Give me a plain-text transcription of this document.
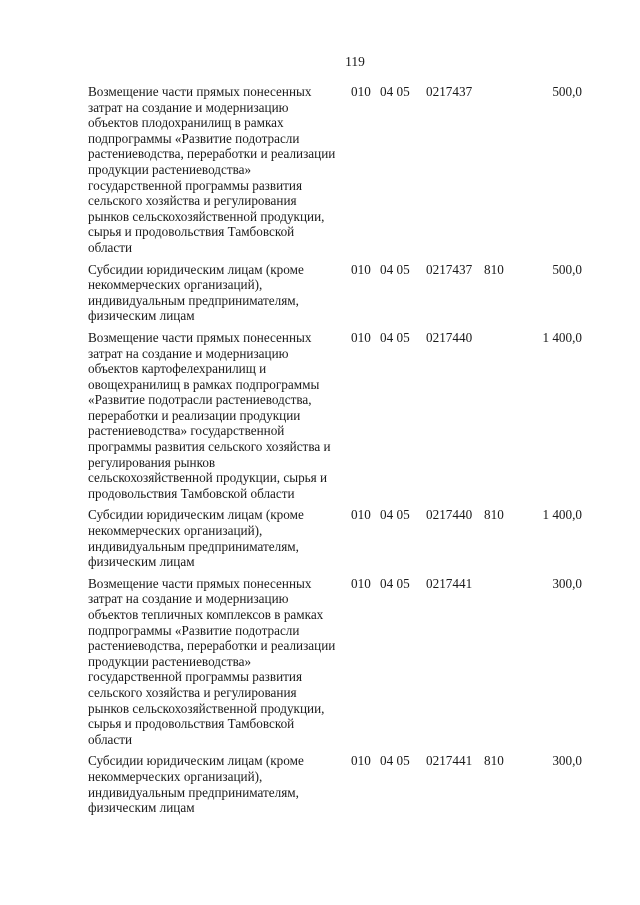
119
Возмещение части прямых понесенных
затрат на создание и модернизацию
объектов плодохранилищ в рамках
подпрограммы «Развитие подотрасли
растениеводства, переработки и реализации
продукции растениеводства»
государственной программы развития
сельского хозяйства и регулирования
рынков сельскохозяйственной продукции,
сырья и продовольствия Тамбовской
области
010 04 05 0217437	500,0
Субсидии юридическим лицам (кроме
некоммерческих организаций),
индивидуальным предпринимателям,
физическим лицам
010 04 05 0217437 810	500,0
Возмещение части прямых понесенных
затрат на создание и модернизацию
объектов картофелехранилищ и
овощехранилищ в рамках подпрограммы
«Развитие подотрасли растениеводства,
переработки и реализации продукции
растениеводства» государственной
программы развития сельского хозяйства и
регулирования рынков
сельскохозяйственной продукции, сырья и
продовольствия Тамбовской области
010 04 05 0217440	1 400,0
Субсидии юридическим лицам (кроме
некоммерческих организаций),
индивидуальным предпринимателям,
физическим лицам
010 04 05 0217440 810	1 400,0
Возмещение части прямых понесенных
затрат на создание и модернизацию
объектов тепличных комплексов в рамках
подпрограммы «Развитие подотрасли
растениеводства, переработки и реализации
продукции растениеводства»
государственной программы развития
сельского хозяйства и регулирования
рынков сельскохозяйственной продукции,
сырья и продовольствия Тамбовской
области
010 04 05 0217441	300,0
Субсидии юридическим лицам (кроме
некоммерческих организаций),
индивидуальным предпринимателям,
физическим лицам
010 04 05 0217441 810	300,0
